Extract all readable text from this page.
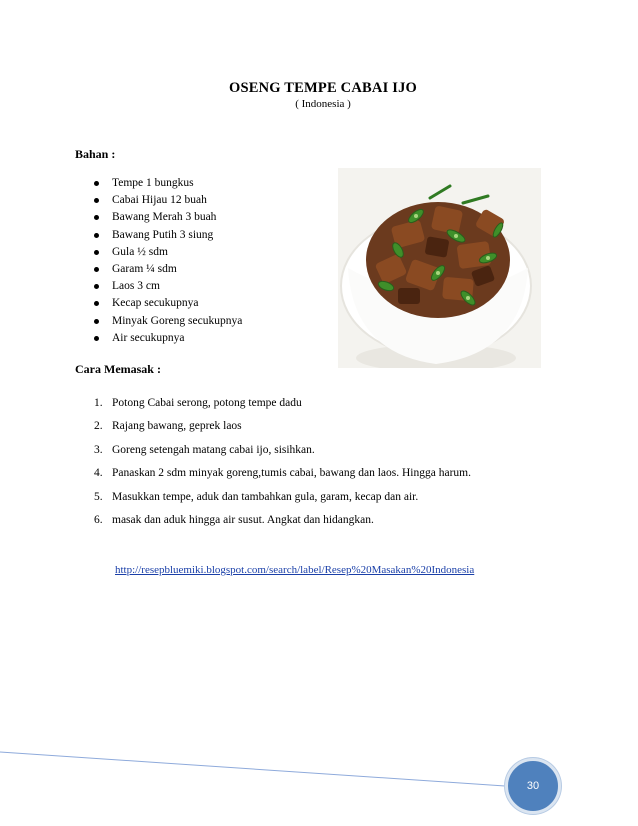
OSENG TEMPE CABAI IJO
( Indonesia )
Bahan :
Tempe 1 bungkus
Cabai Hijau 12 buah
Bawang Merah 3 buah
Bawang Putih 3 siung
Gula ½ sdm
Garam ¼ sdm
Laos 3 cm
Kecap secukupnya
Minyak Goreng secukupnya
Air secukupnya
Cara Memasak :
1. Potong Cabai serong, potong tempe dadu
2. Rajang bawang, geprek laos
3. Goreng setengah matang cabai ijo, sisihkan.
4. Panaskan 2 sdm minyak goreng,tumis cabai, bawang dan laos. Hingga harum.
5. Masukkan tempe, aduk dan tambahkan gula, garam, kecap dan air.
6. masak dan aduk hingga air susut. Angkat dan hidangkan.
http://resepbluemiki.blogspot.com/search/label/Resep%20Masakan%20Indonesia
30
